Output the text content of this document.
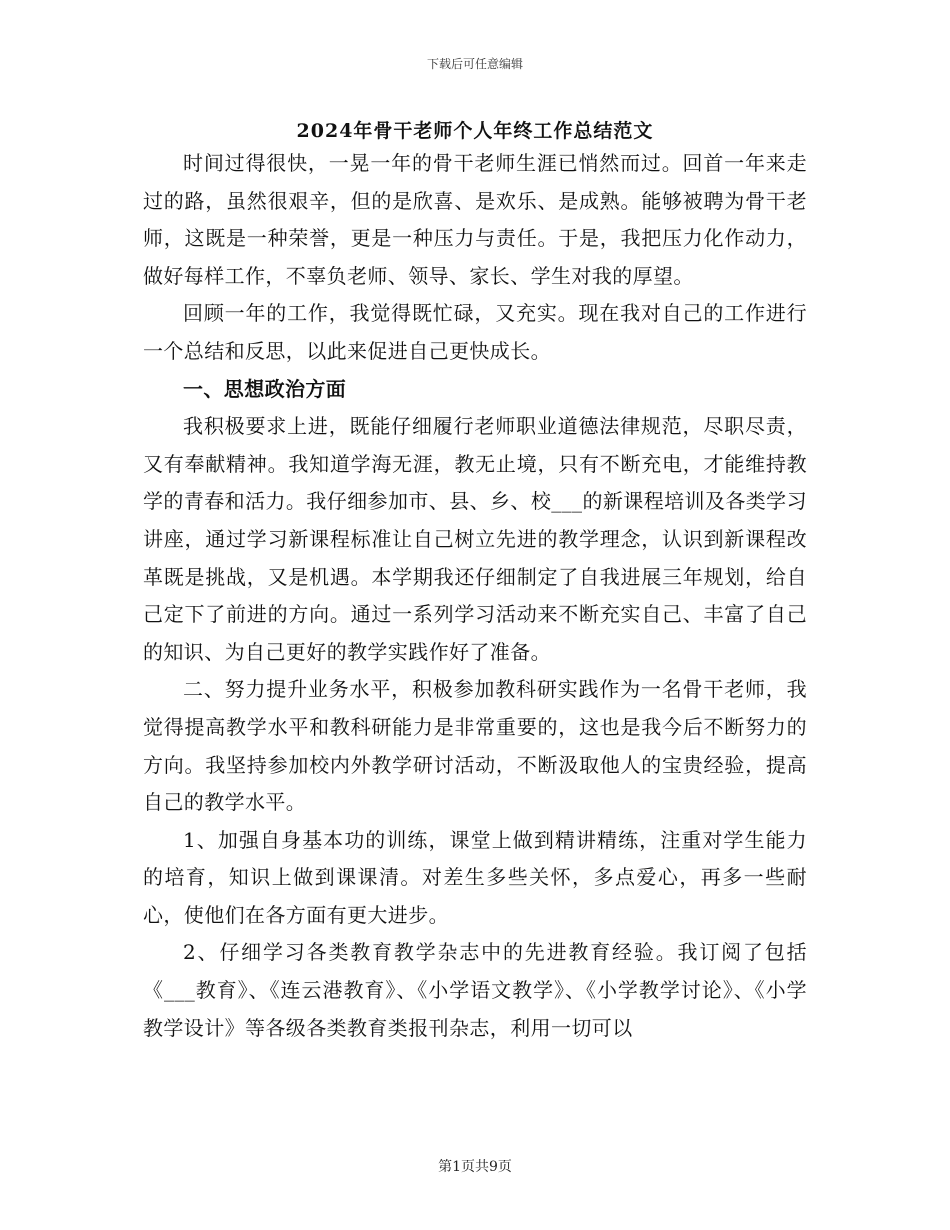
下载后可任意编辑
2024年骨干老师个人年终工作总结范文

时间过得很快，一晃一年的骨干老师生涯已悄然而过。回首一年来走过的路，虽然很艰辛，但的是欣喜、是欢乐、是成熟。能够被聘为骨干老师，这既是一种荣誉，更是一种压力与责任。于是，我把压力化作动力，做好每样工作，不辜负老师、领导、家长、学生对我的厚望。

回顾一年的工作，我觉得既忙碌，又充实。现在我对自己的工作进行一个总结和反思，以此来促进自己更快成长。

一、思想政治方面

我积极要求上进，既能仔细履行老师职业道德法律规范，尽职尽责，又有奉献精神。我知道学海无涯，教无止境，只有不断充电，才能维持教学的青春和活力。我仔细参加市、县、乡、校___的新课程培训及各类学习讲座，通过学习新课程标准让自己树立先进的教学理念，认识到新课程改革既是挑战，又是机遇。本学期我还仔细制定了自我进展三年规划，给自己定下了前进的方向。通过一系列学习活动来不断充实自己、丰富了自己的知识、为自己更好的教学实践作好了准备。

二、努力提升业务水平，积极参加教科研实践作为一名骨干老师，我觉得提高教学水平和教科研能力是非常重要的，这也是我今后不断努力的方向。我坚持参加校内外教学研讨活动，不断汲取他人的宝贵经验，提高自己的教学水平。

1、加强自身基本功的训练，课堂上做到精讲精练，注重对学生能力的培育，知识上做到课课清。对差生多些关怀，多点爱心，再多一些耐心，使他们在各方面有更大进步。

2、仔细学习各类教育教学杂志中的先进教育经验。我订阅了包括《___教育》、《连云港教育》、《小学语文教学》、《小学教学讨论》、《小学教学设计》等各级各类教育类报刊杂志，利用一切可以

第1页共9页
